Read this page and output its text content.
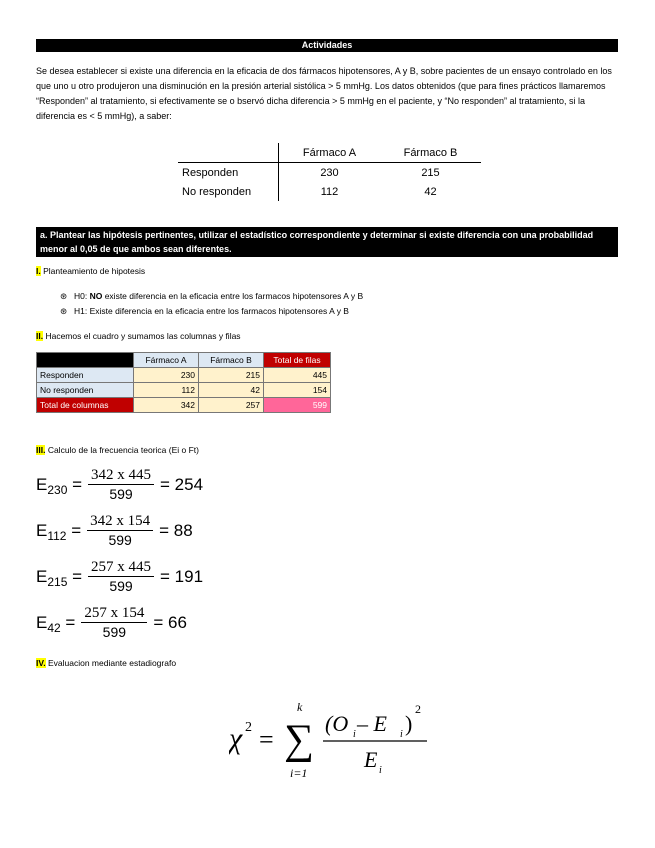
Actividades
Se desea establecer si existe una diferencia en la eficacia de dos fármacos hipotensores, A y B, sobre pacientes de un ensayo controlado en los que uno u otro produjeron una disminución en la presión arterial sistólica > 5 mmHg. Los datos obtenidos (que para fines prácticos llamaremos “Responden” al tratamiento, si efectivamente se o bservó dicha diferencia > 5 mmHg en el paciente, y “No responden” al tratamiento, si la diferencia es < 5 mmHg), a saber:
	Fármaco A	Fármaco B
Responden	230	215
No responden	112	42
a. Plantear las hipótesis pertinentes, utilizar el estadístico correspondiente y determinar si existe diferencia con una probabilidad menor al 0,05 de que ambos sean diferentes.
I. Planteamiento de hipotesis
⊛ H0: NO existe diferencia en la eficacia entre los farmacos hipotensores A y B
⊛ H1: Existe diferencia en la eficacia entre los farmacos hipotensores A y B
II. Hacemos el cuadro y sumamos las columnas y filas
	Fármaco A	Fármaco B	Total de filas
Responden	230	215	445
No responden	112	42	154
Total de columnas	342	257	599
III. Calculo de la frecuencia teorica (Ei o Ft)
E $230 = \frac{342 x 445}{599} = 254$
E $112 = \frac{342 x 154}{599} = 88$
E $215 = \frac{257 x 445}{599} = 191$
E $42 = \frac{257 x 154}{599} = 66$
IV. Evaluacion mediante estadiografo
χ 2 = ∑
k
i=1
(O i – E i )
2
E i
